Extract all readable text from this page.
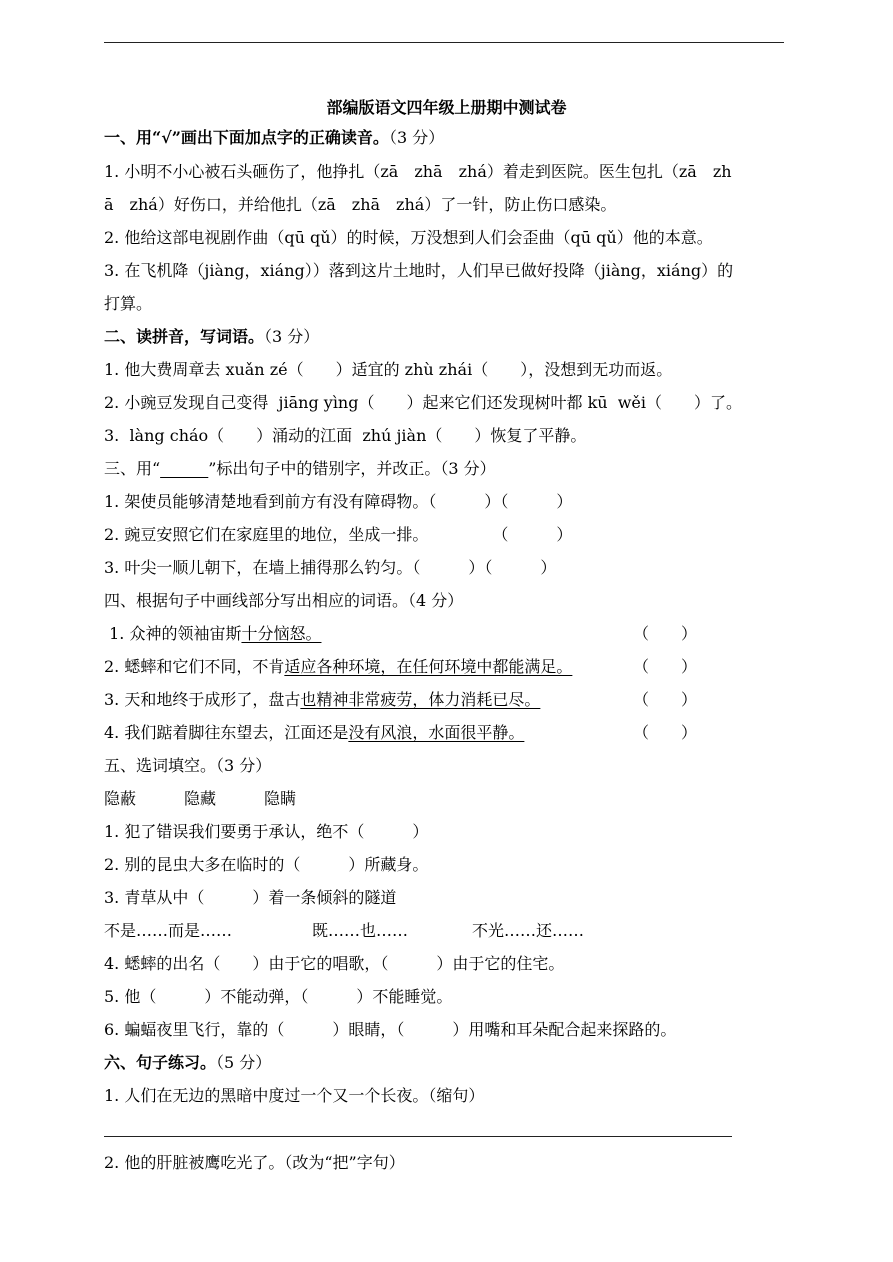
部编版语文四年级上册期中测试卷
一、用“√”画出下面加点字的正确读音。（3 分）
1. 小明不小心被石头砸伤了，他挣扎（zā　zhā　zhá）着走到医院。医生包扎（zā　zh
ā　zhá）好伤口，并给他扎（zā　zhā　zhá）了一针，防止伤口感染。
2. 他给这部电视剧作曲（qū qǔ）的时候，万没想到人们会歪曲（qū qǔ）他的本意。
3. 在飞机降（jiàng，xiáng））落到这片土地时，人们早已做好投降（jiàng，xiáng）的
打算。
二、读拼音，写词语。（3 分）
1. 他大费周章去 xuǎn zé（　　）适宜的 zhù zhái（　　），没想到无功而返。
2. 小豌豆发现自己变得  jiāng yìng（　　）起来它们还发现树叶都 kū  wěi（　　）了。
3.  làng cháo（　　）涌动的江面  zhú jiàn（　　）恢复了平静。
三、用“______”标出句子中的错别字，并改正。（3 分）
1. 架使员能够清楚地看到前方有没有障碍物。（　　　）（　　　）
2. 豌豆安照它们在家庭里的地位，坐成一排。　　　　　（　　　）
3. 叶尖一顺儿朝下，在墙上捕得那么钓匀。（　　　）（　　　）
四、根据句子中画线部分写出相应的词语。（4 分）
1. 众神的领袖宙斯十分恼怒。	（　　）
2. 蟋蟀和它们不同，不肯适应各种环境，在任何环境中都能满足。	（　　）
3. 天和地终于成形了，盘古也精神非常疲劳，体力消耗已尽。	（　　）
4. 我们踮着脚往东望去，江面还是没有风浪，水面很平静。	（　　）
五、选词填空。（3 分）
隐蔽　　　隐藏　　　隐瞒
1. 犯了错误我们要勇于承认，绝不（　　　）
2. 别的昆虫大多在临时的（　　　）所藏身。
3. 青草从中（　　　）着一条倾斜的隧道
不是……而是……　　　　　既……也……　　　　不光……还……
4. 蟋蟀的出名（　　）由于它的唱歌，（　　　）由于它的住宅。
5. 他（　　　）不能动弹，（　　　）不能睡觉。
6. 蝙蝠夜里飞行，靠的（　　　）眼睛，（　　　）用嘴和耳朵配合起来探路的。
六、句子练习。（5 分）
1. 人们在无边的黑暗中度过一个又一个长夜。（缩句）
2. 他的肝脏被鹰吃光了。（改为“把”字句）
